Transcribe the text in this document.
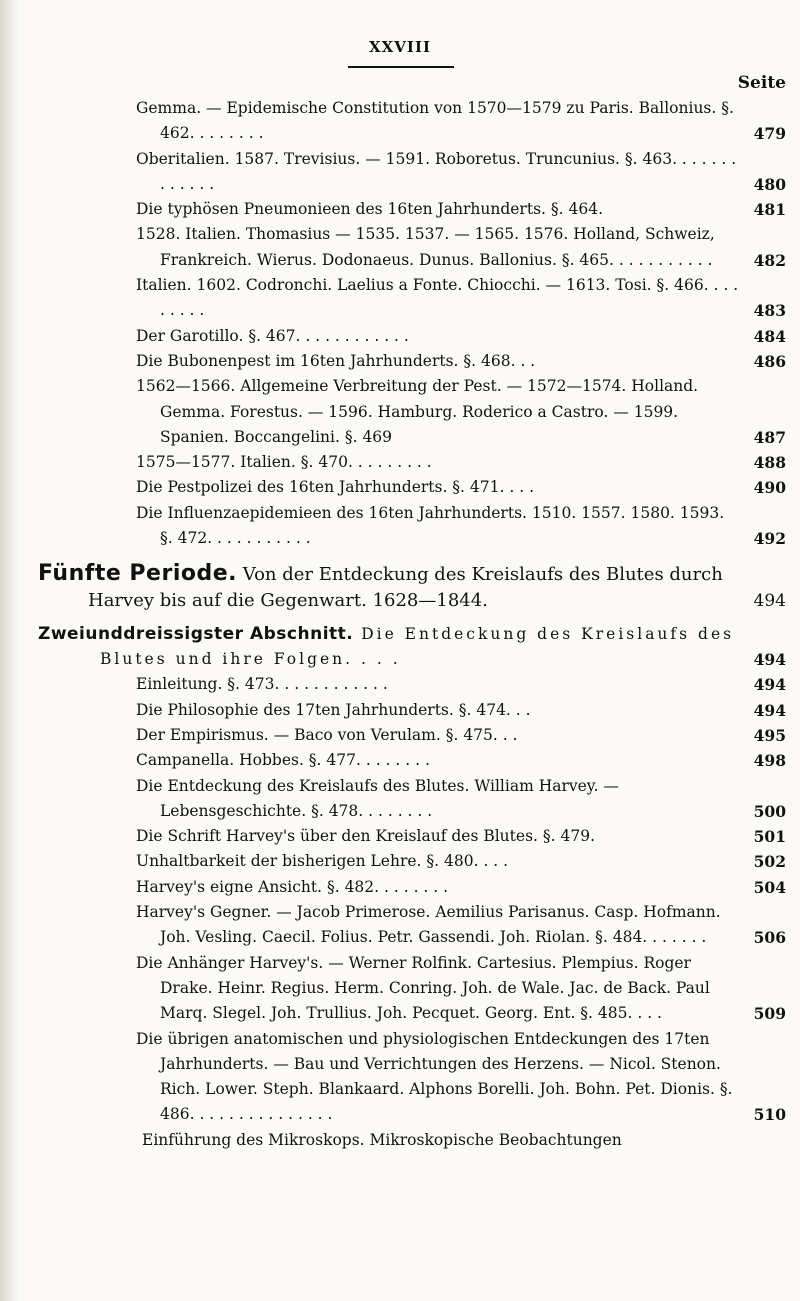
XXVIII
Seite
Gemma. — Epidemische Constitution von 1570—1579 zu Paris. Ballonius. §. 462. . . . . . . .	479
Oberitalien. 1587. Trevisius. — 1591. Roboretus. Truncunius. §. 463. . . . . . . . . . . . .	480
Die typhösen Pneumonieen des 16ten Jahrhunderts. §. 464.	481
1528. Italien. Thomasius — 1535. 1537. — 1565. 1576. Holland, Schweiz, Frankreich. Wierus. Dodonaeus. Dunus. Ballonius. §. 465. . . . . . . . . . .	482
Italien. 1602. Codronchi. Laelius a Fonte. Chiocchi. — 1613. Tosi. §. 466. . . . . . . . .	483
Der Garotillo. §. 467. . . . . . . . . . . .	484
Die Bubonenpest im 16ten Jahrhunderts. §. 468. . .	486
1562—1566. Allgemeine Verbreitung der Pest. — 1572—1574. Holland. Gemma. Forestus. — 1596. Hamburg. Roderico a Castro. — 1599. Spanien. Boccangelini. §. 469	487
1575—1577. Italien. §. 470. . . . . . . . .	488
Die Pestpolizei des 16ten Jahrhunderts. §. 471. . . .	490
Die Influenzaepidemieen des 16ten Jahrhunderts. 1510. 1557. 1580. 1593. §. 472. . . . . . . . . . .	492
Fünfte Periode. Von der Entdeckung des Kreislaufs des Blutes durch Harvey bis auf die Gegenwart. 1628—1844.	494
Zweiunddreissigster Abschnitt. Die Entdeckung des Kreislaufs des Blutes und ihre Folgen. . . .	494
Einleitung. §. 473. . . . . . . . . . . .	494
Die Philosophie des 17ten Jahrhunderts. §. 474. . .	494
Der Empirismus. — Baco von Verulam. §. 475. . .	495
Campanella. Hobbes. §. 477. . . . . . . .	498
Die Entdeckung des Kreislaufs des Blutes. William Harvey. — Lebensgeschichte. §. 478. . . . . . . .	500
Die Schrift Harvey's über den Kreislauf des Blutes. §. 479.	501
Unhaltbarkeit der bisherigen Lehre. §. 480. . . .	502
Harvey's eigne Ansicht. §. 482. . . . . . . .	504
Harvey's Gegner. — Jacob Primerose. Aemilius Parisanus. Casp. Hofmann. Joh. Vesling. Caecil. Folius. Petr. Gassendi. Joh. Riolan. §. 484. . . . . . .	506
Die Anhänger Harvey's. — Werner Rolfink. Cartesius. Plempius. Roger Drake. Heinr. Regius. Herm. Conring. Joh. de Wale. Jac. de Back. Paul Marq. Slegel. Joh. Trullius. Joh. Pecquet. Georg. Ent. §. 485. . . .	509
Die übrigen anatomischen und physiologischen Entdeckungen des 17ten Jahrhunderts. — Bau und Verrichtungen des Herzens. — Nicol. Stenon. Rich. Lower. Steph. Blankaard. Alphons Borelli. Joh. Bohn. Pet. Dionis. §. 486. . . . . . . . . . . . . . .	510
Einführung des Mikroskops. Mikroskopische Beobachtungen
